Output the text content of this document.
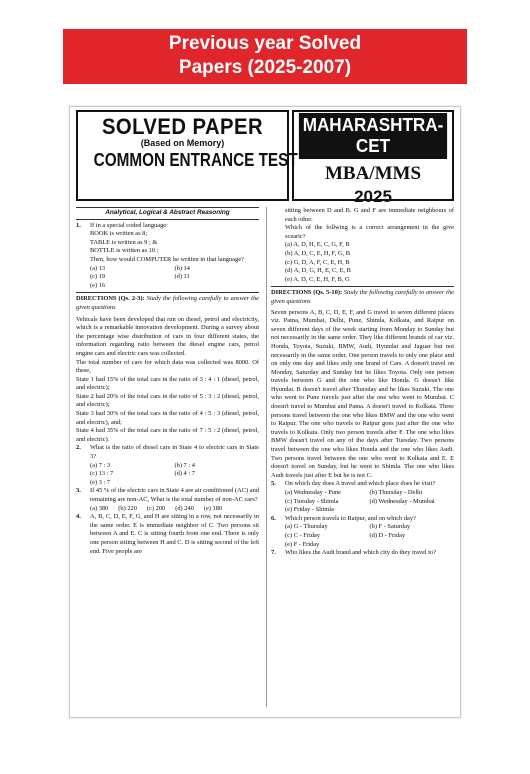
Previous year Solved
Papers (2025-2007)
SOLVED PAPER
(Based on Memory)
COMMON ENTRANCE TEST
MAHARASHTRA-CET
MBA/MMS
2025
Analytical, Logical & Abstract Reasoning
1.	If in a special coded language:
BOOK is written as 8;
TABLE is written as 9 ; &
BOTTLE is written as 10 ;
Then, how would COMPUTER be written in that language?
(a) 13	(b) 14
(c) 19	(d) 11
(e) 16
DIRECTIONS (Qs. 2-3): Study the following carefully to answer the given questions

Vehicals have been developed that run on diesel, petrol and electricity, which is a remarkable innovation development. During a survey about the percentage wise distribution of cars in four different states, the information regarding ratio between the diesel engine cars, petrol engine cars and electric cars was collected.

The total number of cars for which data was collected was 8000. Of these,

State 1 had 15% of the total cars in the ratio of 3 : 4 : 1 (diesel, petrol, and electric);

State 2 had 20% of the total cars in the ratio of 5 : 3 : 2 (diesel, petrol, and electric);

State 3 had 30% of the total cars in the ratio of 4 : 5 : 3 (diesel, petrol, and electric), and;

State 4 had 35% of the total cars in the ratio of 7 : 5 : 2 (diesel, petrol, and electric).

2.	What is the ratio of diesel cars in State 4 to electric cars in State 3?
(a) 7 : 3	(b) 7 : 4
(c) 13 : 7	(d) 4 : 7
(e) 3 : 7
3.	If 45 % of the electric cars in State 4 are air conditioned (AC) and remaining are non-AC, What is the total number of non-AC cars?
(a) 380 (b) 220 (c) 200 (d) 240 (e) 180
4.	A, B, C, D, E, F, G, and H are sitting in a row, not necessarily in the same order. E is immediate neighbor of C. Two persons sit between A and E. C is sitting fourth from one end. There is only one person sitting between H and C. D is sitting second of the left end. Five people are
sitting between D and B. G and F are immediate neighbours of each other.
Which of the follwing is a correct arrangement in the give scearic?
(a) A, D, H, E, C, G, F, B
(b) A, D, C, E, H, F, G, B
(c) G, D, A, F, C, E, H, B
(d) A, D, G, H, E, C, E, B
(e) A, D, C, E, H, F, B, G
DIRECTIONS (Qs. 5-10): Study the following carefully to answer the given questions

Seven persons A, B, C, D, E, F, and G travel to seven different places viz. Patna, Mumbai, Delhi, Pune, Shimla, Kolkata, and Raipur on seven different days of the week starting from Monday to Sunday but not necessarily in the same order. They like different brands of car viz. Honda, Toyota, Suzuki, BMW, Audi, Hyundai and Jaguar but not necessarily in the same order. One person travels to only one place and on only one day and likes only one brand of Cars. A doesn't travel on Monday, Saturday and Sunday but he likes Toyota. Only one person travels between G and the one who like Honda. G doesn't like Hyundai. B doesn't travel after Thursday and he likes Suzuki. The one who went to Pune travels just after the one who went to Mumbai. C doesn't travel to Mumbai and Patna. A doesn't travel to Kolkata. Three persons travel between the one who likes BMW and the one who went to Raipur. The one who travels to Raipur goes just after the one who travels to Kolkata. Only two person travels after F. The one who likes BMW doesn't travel on any of the days after Tuesday. Two persons travel between the one who likes Honda and the one who likes Audi. Two persons travel between the one who went to Kolkata and E. E doesn't travel on Sunday, but he went to Shimla. The one who likes Audi travels just after E but he is not C.

5.	On which day does A travel and which place does he visit?
(a) Wednesday - Pune	(b) Thursday - Delhi
(c) Tuesday - Shimla	(d) Wednesday - Mumbai
(e) Friday - Shimla
6.	Which person travels to Raipur, and on which day?
(a) G - Thursday	(b) F - Saturday
(c) C - Friday	(d) D - Friday
(e) F - Friday
7.	Who likes the Audi brand and which city do they travel to?
